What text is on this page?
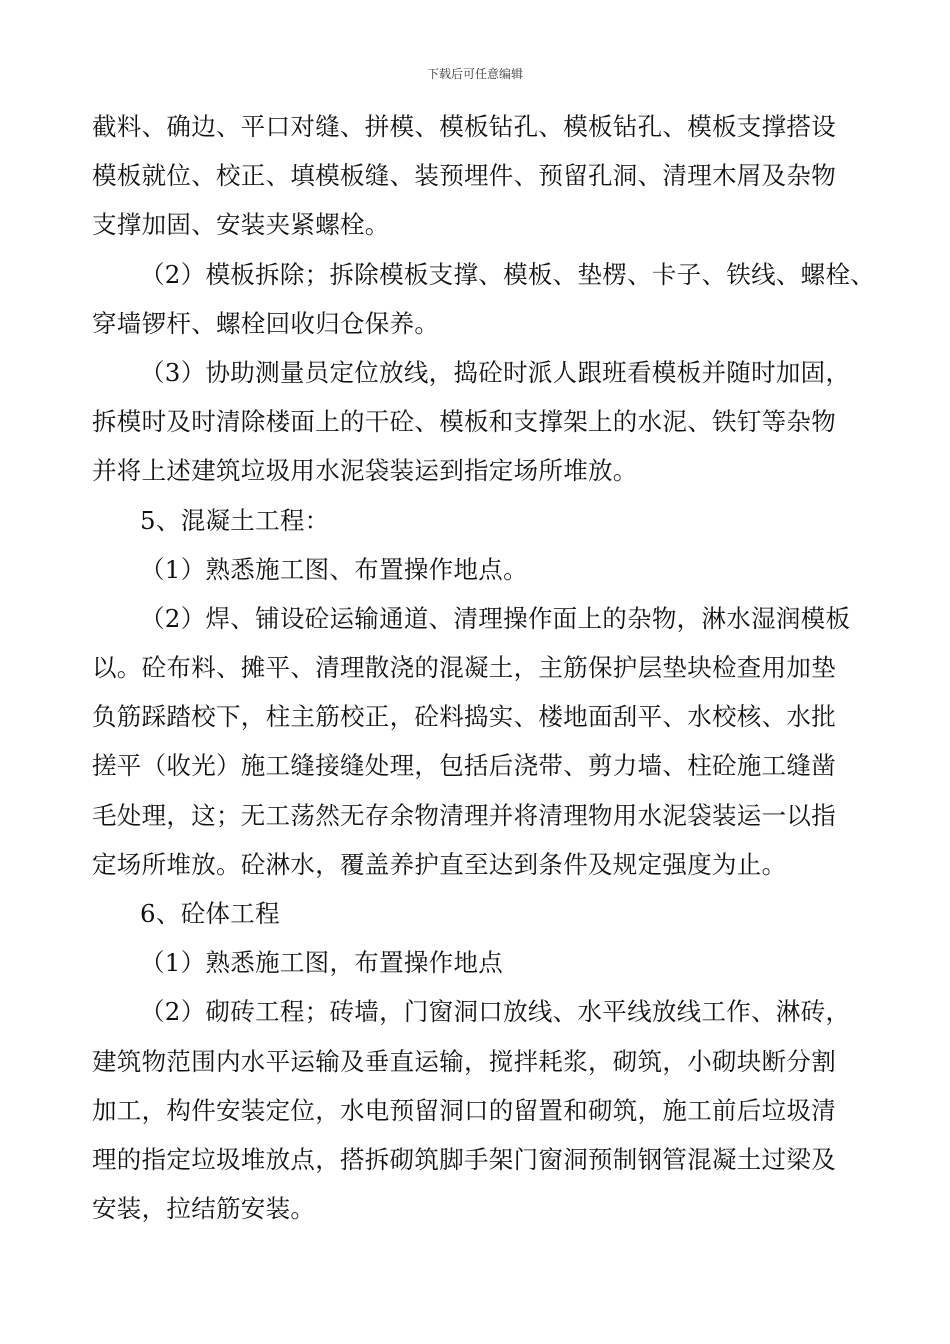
下载后可任意编辑
截料、确边、平口对缝、拼模、模板钻孔、模板钻孔、模板支撑搭设
模板就位、校正、填模板缝、装预埋件、预留孔洞、清理木屑及杂物
支撑加固、安装夹紧螺栓。
（2）模板拆除；拆除模板支撑、模板、垫楞、卡子、铁线、螺栓、
穿墙锣杆、螺栓回收归仓保养。
（3）协助测量员定位放线，捣砼时派人跟班看模板并随时加固，
拆模时及时清除楼面上的干砼、模板和支撑架上的水泥、铁钉等杂物
并将上述建筑垃圾用水泥袋装运到指定场所堆放。
5、混凝土工程：
（1）熟悉施工图、布置操作地点。
（2）焊、铺设砼运输通道、清理操作面上的杂物，淋水湿润模板
以。砼布料、摊平、清理散浇的混凝土，主筋保护层垫块检查用加垫
负筋踩踏校下，柱主筋校正，砼料捣实、楼地面刮平、水校核、水批
搓平（收光）施工缝接缝处理，包括后浇带、剪力墙、柱砼施工缝凿
毛处理，这；无工荡然无存余物清理并将清理物用水泥袋装运一以指
定场所堆放。砼淋水，覆盖养护直至达到条件及规定强度为止。
6、砼体工程
（1）熟悉施工图，布置操作地点
（2）砌砖工程；砖墙，门窗洞口放线、水平线放线工作、淋砖，
建筑物范围内水平运输及垂直运输，搅拌耗浆，砌筑，小砌块断分割
加工，构件安装定位，水电预留洞口的留置和砌筑，施工前后垃圾清
理的指定垃圾堆放点，搭拆砌筑脚手架门窗洞预制钢管混凝土过梁及
安装，拉结筋安装。
